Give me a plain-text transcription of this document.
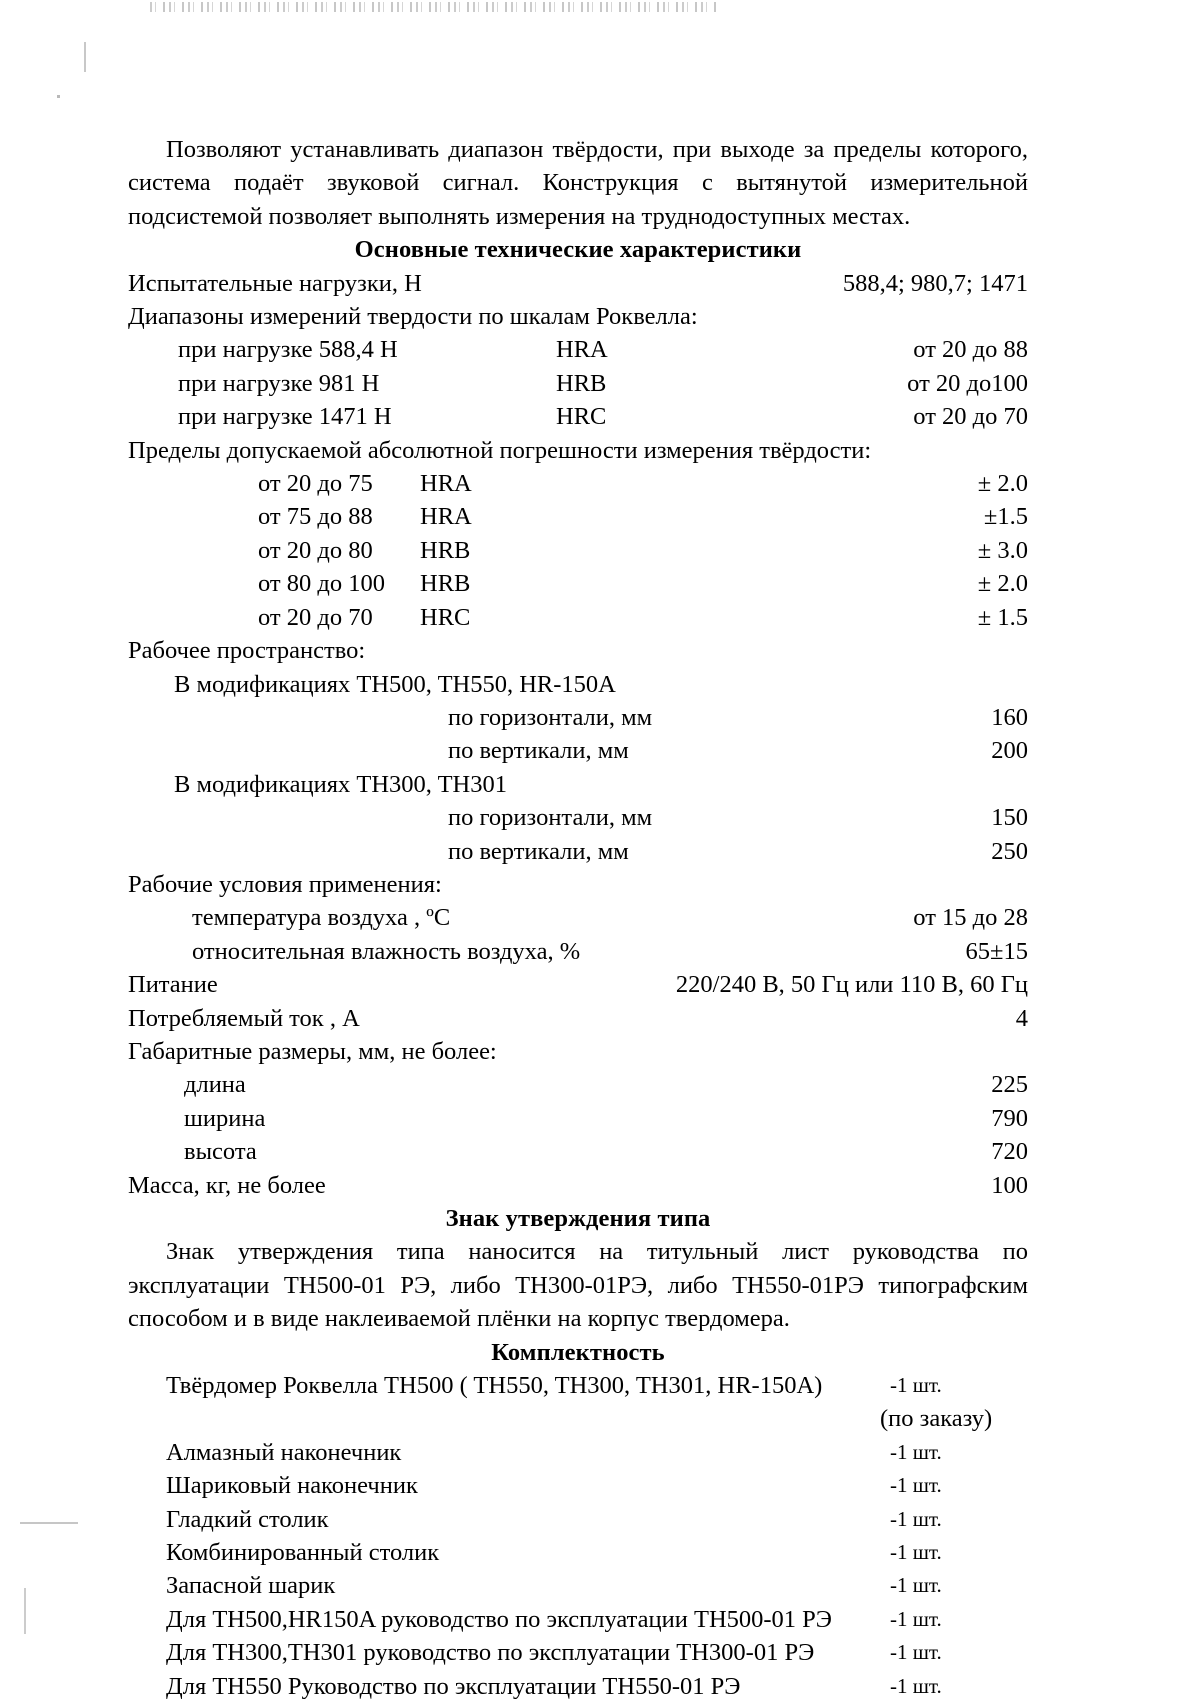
Позволяют устанавливать диапазон твёрдости, при выходе за пределы которого, система подаёт звуковой сигнал. Конструкция с вытянутой измерительной подсистемой позволяет выполнять измерения на труднодоступных местах.

Основные технические характеристики
Испытательные нагрузки, Н	588,4; 980,7; 1471
Диапазоны измерений твердости по шкалам Роквелла:
при нагрузке 588,4 Н	HRA	от 20 до 88
при нагрузке 981 Н	HRB	от 20 до100
при нагрузке 1471 Н	HRC	от 20 до 70
Пределы допускаемой абсолютной погрешности измерения твёрдости:
от 20 до 75 HRA	± 2.0
от 75 до 88 HRA	±1.5
от 20 до 80 HRB	± 3.0
от 80 до 100 HRB	± 2.0
от 20 до 70 HRC	± 1.5
Рабочее пространство:
В модификациях TH500, TH550, HR-150A
по горизонтали, мм	160
по вертикали, мм	200
В модификациях TH300, TH301
по горизонтали, мм	150
по вертикали, мм	250
Рабочие условия применения:
температура воздуха , ºC	от 15 до 28
относительная влажность воздуха, %	65±15
Питание	220/240 В, 50 Гц или 110 В, 60 Гц
Потребляемый ток , А	4
Габаритные размеры, мм, не более:
длина	225
ширина	790
высота	720
Масса, кг, не более	100
Знак утверждения типа

Знак утверждения типа наносится на титульный лист руководства по эксплуатации TH500-01 РЭ, либо TH300-01РЭ, либо TH550-01РЭ типографским способом и в виде наклеиваемой плёнки на корпус твердомера.

Комплектность
Твёрдомер Роквелла TH500 ( TH550, TH300, TH301, HR-150A)	-1 шт.

(по заказу)
Алмазный наконечник	-1 шт.
Шариковый наконечник	-1 шт.
Гладкий столик	-1 шт.
Комбинированный столик	-1 шт.
Запасной шарик	-1 шт.
Для TH500,HR150A руководство по эксплуатации TH500-01 РЭ	-1 шт.
Для TH300,TH301 руководство по эксплуатации TH300-01 РЭ	-1 шт.
Для TH550 Руководство по эксплуатации TH550-01 РЭ	-1 шт.
